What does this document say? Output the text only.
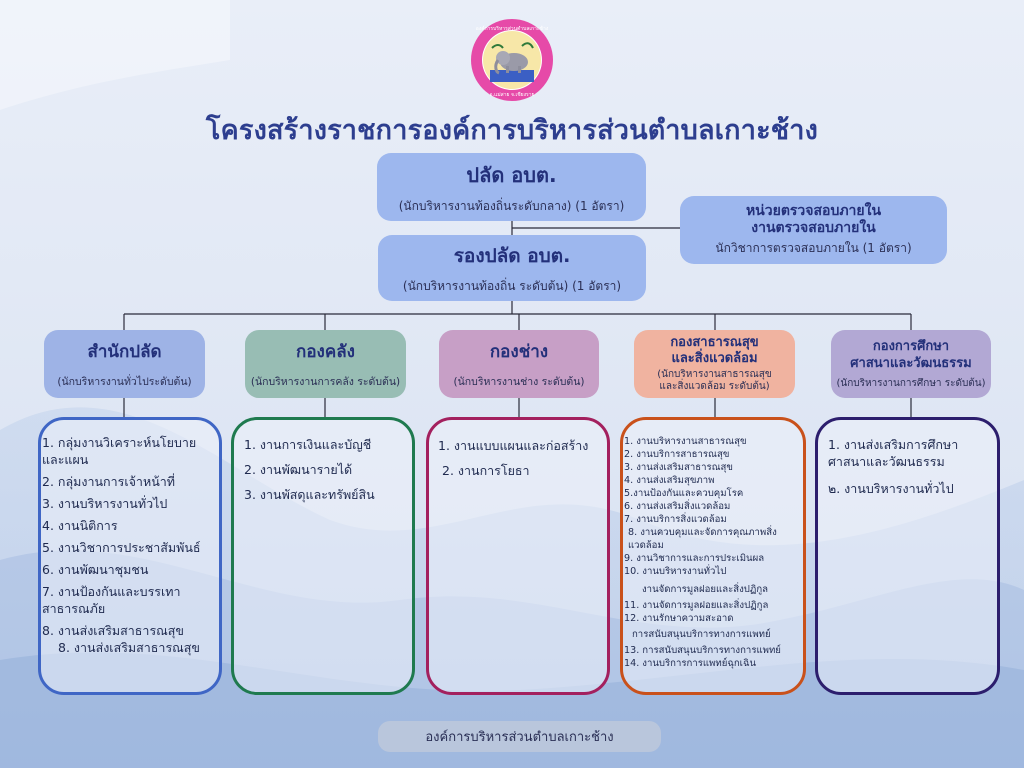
องค์การบริหารส่วนตำบลเกาะช้าง
อ.แม่สาย จ.เชียงราย
โครงสร้างราชการองค์การบริหารส่วนตำบลเกาะช้าง
ปลัด อบต.
(นักบริหารงานท้องถิ่นระดับกลาง) (1 อัตรา)
รองปลัด อบต.
(นักบริหารงานท้องถิ่น ระดับต้น) (1 อัตรา)
หน่วยตรวจสอบภายใน
งานตรวจสอบภายใน
นักวิชาการตรวจสอบภายใน (1 อัตรา)
สำนักปลัด
(นักบริหารงานทั่วไประดับต้น)
กองคลัง
(นักบริหารงานการคลัง ระดับต้น)
กองช่าง
(นักบริหารงานช่าง ระดับต้น)
กองสาธารณสุข
และสิ่งแวดล้อม
(นักบริหารงานสาธารณสุข
และสิ่งแวดล้อม ระดับต้น)
กองการศึกษา
ศาสนาและวัฒนธรรม
(นักบริหารงานการศึกษา ระดับต้น)
1. กลุ่มงานวิเคราะห์นโยบายและแผน
2. กลุ่มงานการเจ้าหน้าที่
3. งานบริหารงานทั่วไป
4. งานนิติการ
5. งานวิชาการประชาสัมพันธ์
6. งานพัฒนาชุมชน
7. งานป้องกันและบรรเทาสาธารณภัย
8. งานส่งเสริมสาธารณสุข
8. งานส่งเสริมสาธารณสุข
1. งานการเงินและบัญชี
2. งานพัฒนารายได้
3. งานพัสดุและทรัพย์สิน
1. งานแบบแผนและก่อสร้าง
2. งานการโยธา
1. งานบริหารงานสาธารณสุข
2. งานบริการสาธารณสุข
3. งานส่งเสริมสาธารณสุข
4. งานส่งเสริมสุขภาพ
5.งานป้องกันและควบคุมโรค
6. งานส่งเสริมสิ่งแวดล้อม
7. งานบริการสิ่งแวดล้อม
8. งานควบคุมและจัดการคุณภาพสิ่งแวดล้อม
9. งานวิชาการและการประเมินผล
10. งานบริหารงานทั่วไป
งานจัดการมูลฝอยและสิ่งปฏิกูล
11. งานจัดการมูลฝอยและสิ่งปฏิกูล
12. งานรักษาความสะอาด
การสนับสนุนบริการทางการแพทย์
13. การสนับสนุนบริการทางการแพทย์
14. งานบริการการแพทย์ฉุกเฉิน
1. งานส่งเสริมการศึกษาศาสนาและวัฒนธรรม
๒. งานบริหารงานทั่วไป
องค์การบริหารส่วนตำบลเกาะช้าง
